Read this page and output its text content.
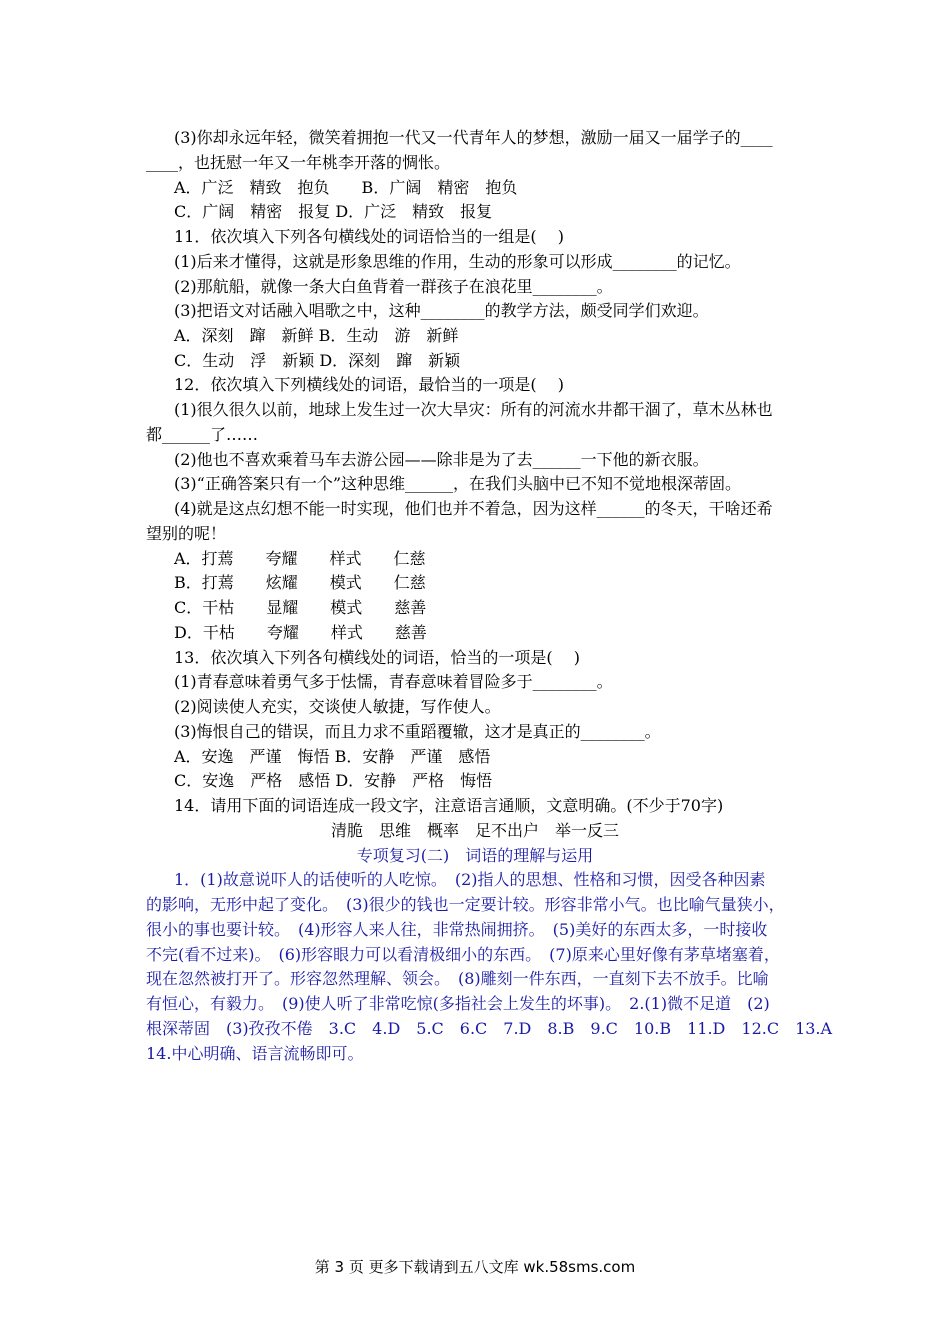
(3)你却永远年轻，微笑着拥抱一代又一代青年人的梦想，激励一届又一届学子的____
____，也抚慰一年又一年桃李开落的惆怅。
A．广泛　精致　抱负　　B．广阔　精密　抱负
C．广阔　精密　报复 D．广泛　精致　报复
11．依次填入下列各句横线处的词语恰当的一组是(　 )
(1)后来才懂得，这就是形象思维的作用，生动的形象可以形成________的记忆。
(2)那航船，就像一条大白鱼背着一群孩子在浪花里________。
(3)把语文对话融入唱歌之中，这种________的教学方法，颇受同学们欢迎。
A．深刻　蹿　新鲜 B．生动　游　新鲜
C．生动　浮　新颖 D．深刻　蹿　新颖
12．依次填入下列横线处的词语，最恰当的一项是(　 )
(1)很久很久以前，地球上发生过一次大旱灾：所有的河流水井都干涸了，草木丛林也
都______了……
(2)他也不喜欢乘着马车去游公园——除非是为了去______一下他的新衣服。
(3)“正确答案只有一个”这种思维______，在我们头脑中已不知不觉地根深蒂固。
(4)就是这点幻想不能一时实现，他们也并不着急，因为这样______的冬天，干啥还希
望别的呢！
A．打蔫　　夸耀　　样式　　仁慈
B．打蔫　　炫耀　　模式　　仁慈
C．干枯　　显耀　　模式　　慈善
D．干枯　　夸耀　　样式　　慈善
13．依次填入下列各句横线处的词语，恰当的一项是(　 )
(1)青春意味着勇气多于怯懦，青春意味着冒险多于________。
(2)阅读使人充实，交谈使人敏捷，写作使人。
(3)悔恨自己的错误，而且力求不重蹈覆辙，这才是真正的________。
A．安逸　严谨　悔悟 B．安静　严谨　感悟
C．安逸　严格　感悟 D．安静　严格　悔悟
14．请用下面的词语连成一段文字，注意语言通顺，文意明确。(不少于70字)
清脆　思维　概率　足不出户　举一反三
专项复习(二)　词语的理解与运用
1．(1)故意说吓人的话使听的人吃惊。　(2)指人的思想、性格和习惯，因受各种因素
的影响，无形中起了变化。　(3)很少的钱也一定要计较。形容非常小气。也比喻气量狭小，
很小的事也要计较。　(4)形容人来人往，非常热闹拥挤。　(5)美好的东西太多，一时接收
不完(看不过来)。　(6)形容眼力可以看清极细小的东西。　(7)原来心里好像有茅草堵塞着，
现在忽然被打开了。形容忽然理解、领会。　(8)雕刻一件东西，一直刻下去不放手。比喻
有恒心，有毅力。　(9)使人听了非常吃惊(多指社会上发生的坏事)。　2.(1)微不足道　(2)
根深蒂固　(3)孜孜不倦　3.C　4.D　5.C　6.C　7.D　8.B　9.C　10.B　11.D　12.C　13.A
14.中心明确、语言流畅即可。
第 3 页 更多下载请到五八文库 wk.58sms.com
